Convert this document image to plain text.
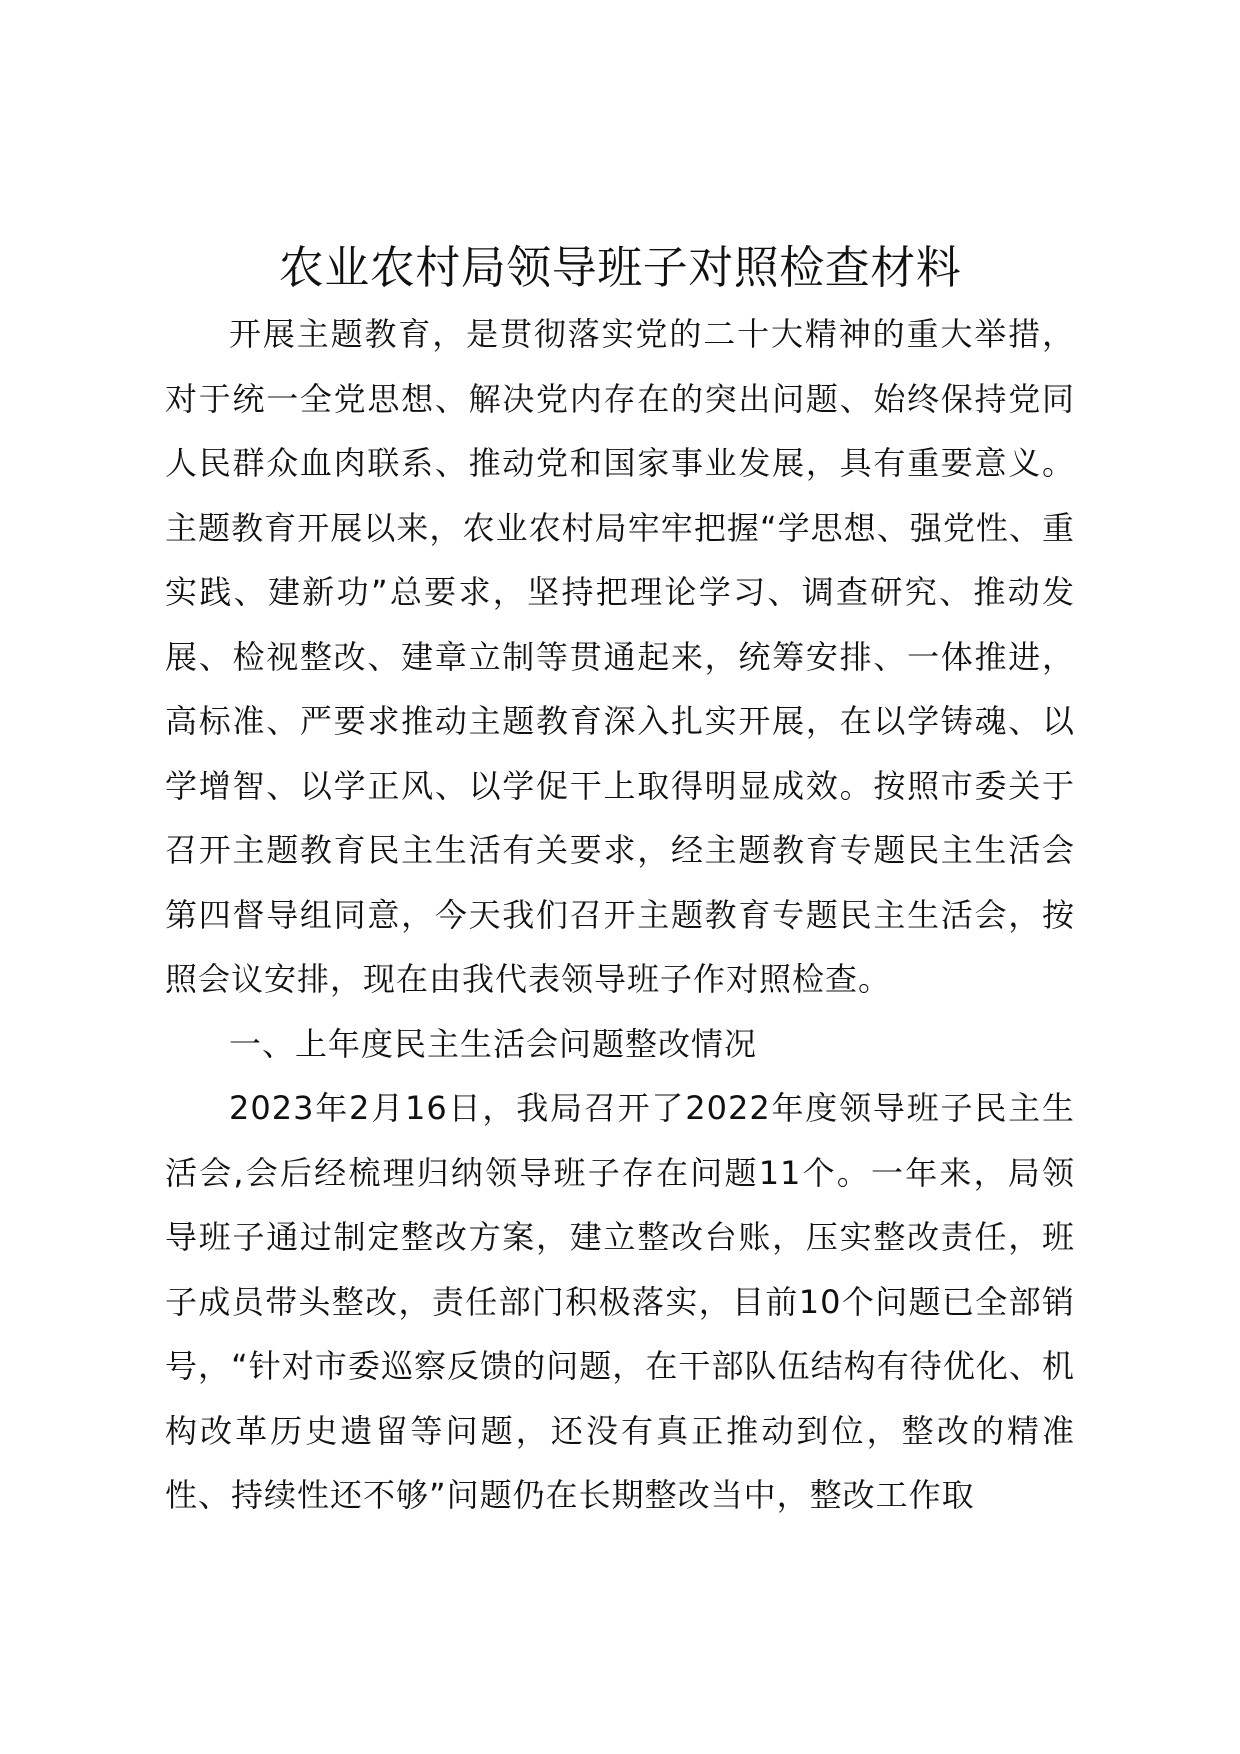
农业农村局领导班子对照检查材料

开展主题教育，是贯彻落实党的二十大精神的重大举措，对于统一全党思想、解决党内存在的突出问题、始终保持党同人民群众血肉联系、推动党和国家事业发展，具有重要意义。主题教育开展以来，农业农村局牢牢把握“学思想、强党性、重实践、建新功”总要求，坚持把理论学习、调查研究、推动发展、检视整改、建章立制等贯通起来，统筹安排、一体推进，高标准、严要求推动主题教育深入扎实开展，在以学铸魂、以学增智、以学正风、以学促干上取得明显成效。按照市委关于召开主题教育民主生活有关要求，经主题教育专题民主生活会第四督导组同意，今天我们召开主题教育专题民主生活会，按照会议安排，现在由我代表领导班子作对照检查。

一、上年度民主生活会问题整改情况

2023年2月16日，我局召开了2022年度领导班子民主生活会,会后经梳理归纳领导班子存在问题11个。一年来，局领导班子通过制定整改方案，建立整改台账，压实整改责任，班子成员带头整改，责任部门积极落实，目前10个问题已全部销号，“针对市委巡察反馈的问题，在干部队伍结构有待优化、机构改革历史遗留等问题，还没有真正推动到位，整改的精准性、持续性还不够”问题仍在长期整改当中，整改工作取
